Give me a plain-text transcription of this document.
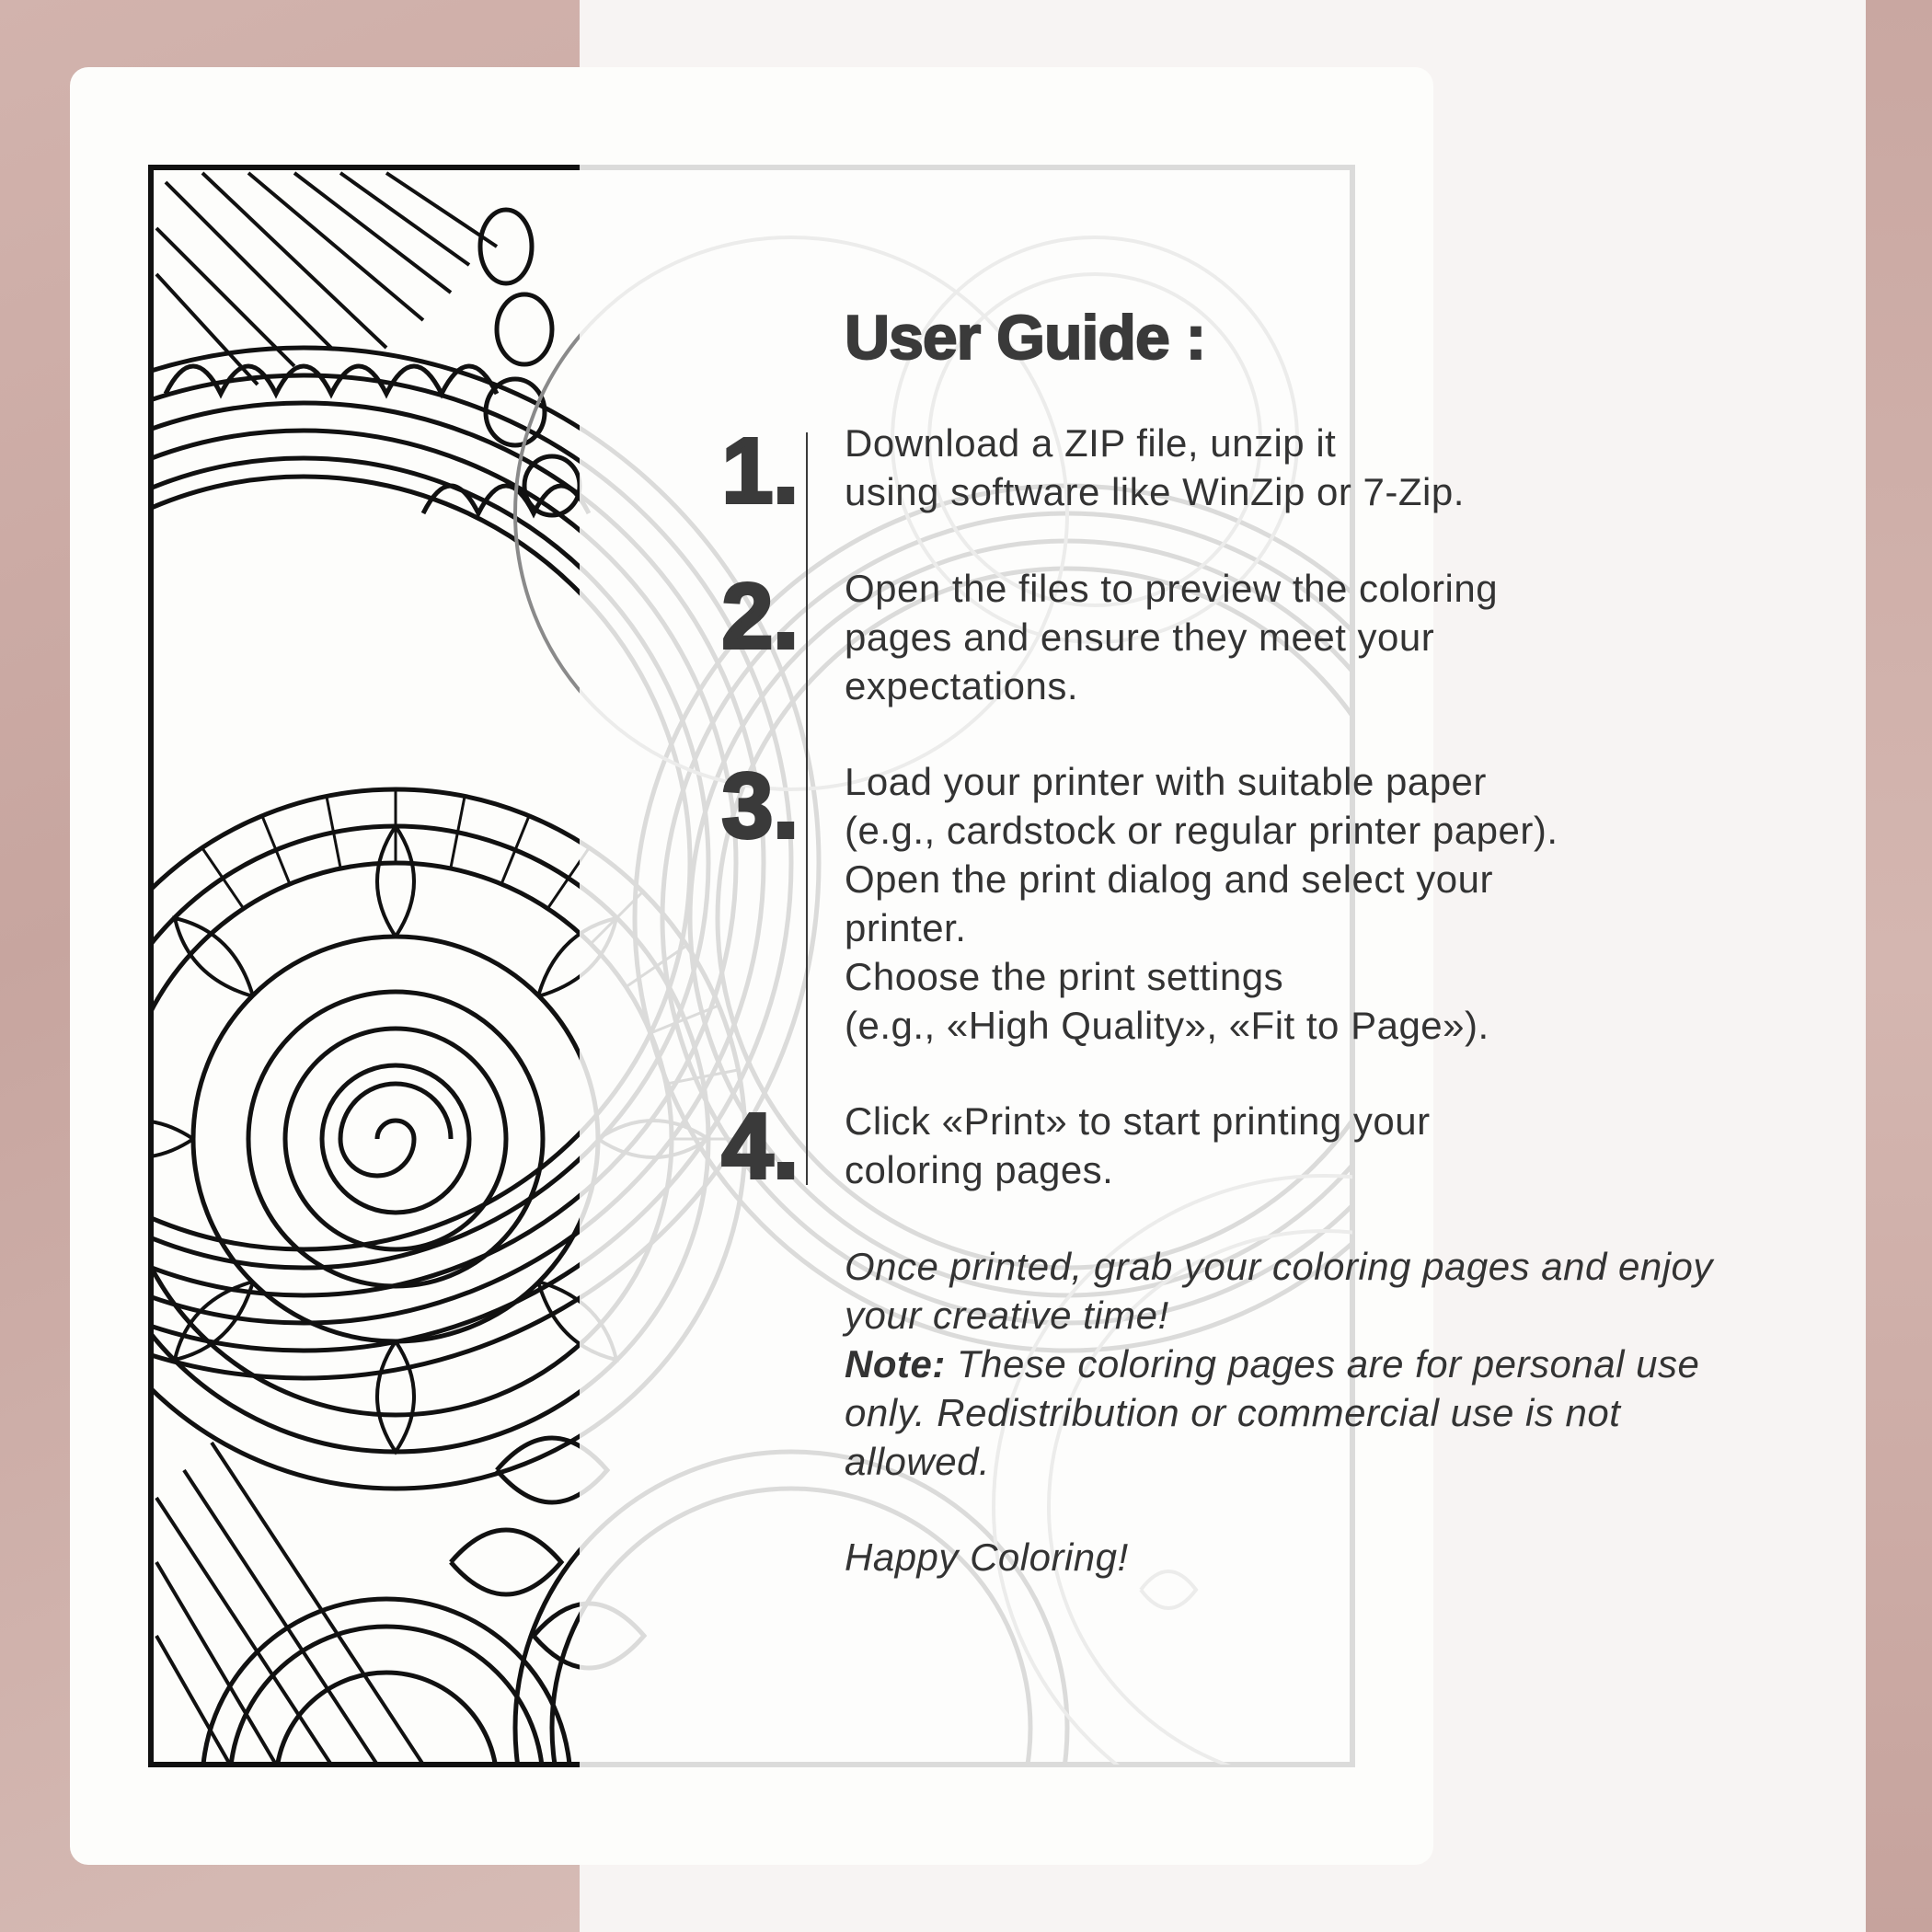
User Guide :
1. Download a ZIP file, unzip it
using software like WinZip or 7-Zip.
2. Open the files to preview the coloring
pages and ensure they meet your
expectations.
3. Load your printer with suitable paper
(e.g., cardstock or regular printer paper).
Open the print dialog and select your
printer.
Choose the print settings
(e.g., «High Quality», «Fit to Page»).
4. Click «Print» to start printing your
coloring pages.
Once printed, grab your coloring pages and enjoy your creative time!
Note: These coloring pages are for personal use only. Redistribution or commercial use is not allowed.
Happy Coloring!
